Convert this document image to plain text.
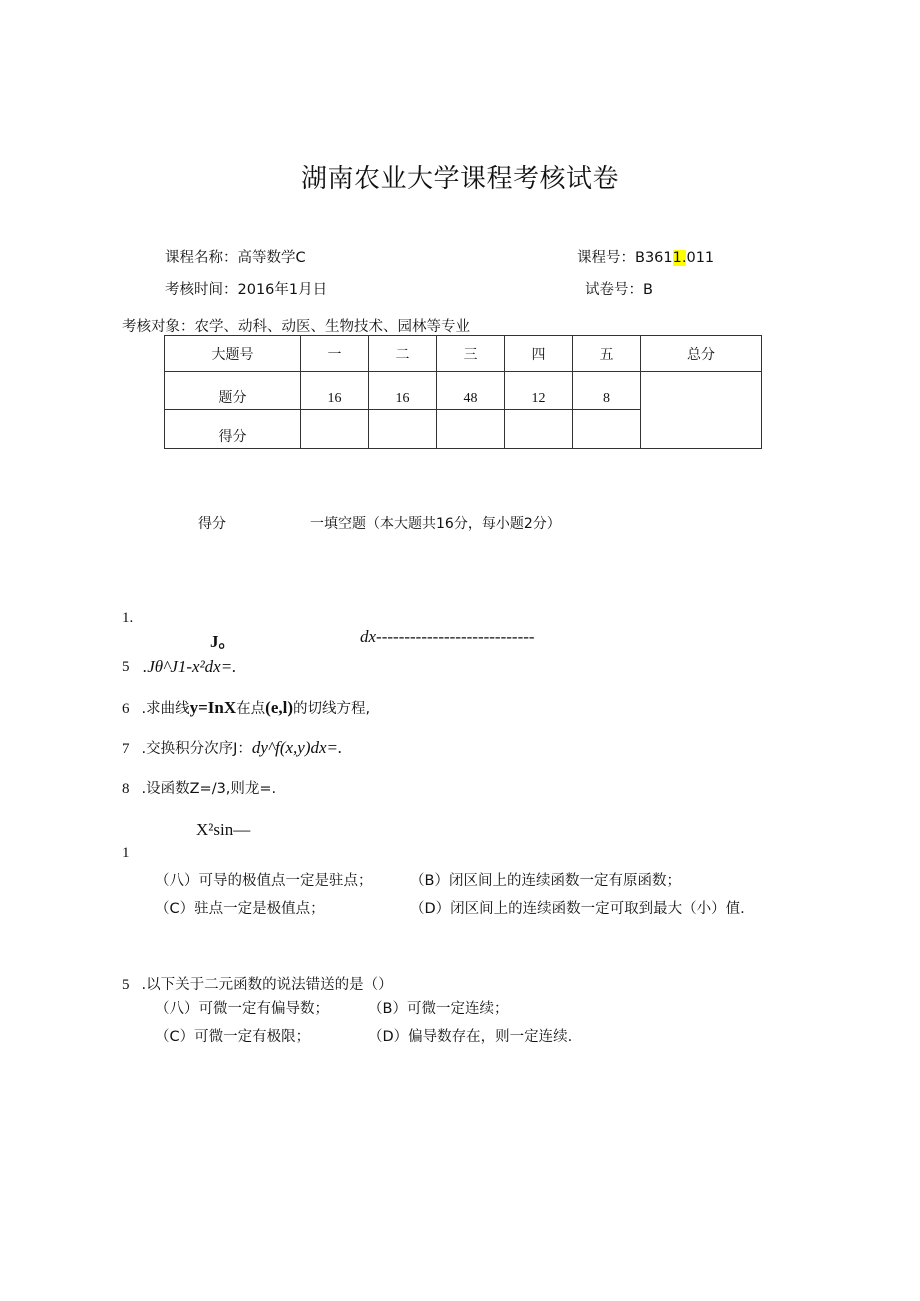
湖南农业大学课程考核试卷
课程名称：高等数学C	课程号：B3611.011
考核时间：2016年1月日	试卷号：B
考核对象：农学、动科、动医、生物技术、园林等专业
大题号	一	二	三	四	五	总分
题分	16	16	48	12	8	
得分						
得分	一填空题（本大题共16分，每小题2分）
1.
J。	dx----------------------------
5 .Jθ^J1-x²dx=.
6 .求曲线y=InX在点(e,l)的切线方程,
7 .交换积分次序J：dy^f(x,y)dx=.
8 .设函数Z=/3,则龙=.
X²sin—
1
（八）可导的极值点一定是驻点；	（B）闭区间上的连续函数一定有原函数；
（C）驻点一定是极值点；	（D）闭区间上的连续函数一定可取到最大（小）值.
5 .以下关于二元函数的说法错送的是（）
（八）可微一定有偏导数；	（B）可微一定连续；
（C）可微一定有极限；	（D）偏导数存在，则一定连续.
